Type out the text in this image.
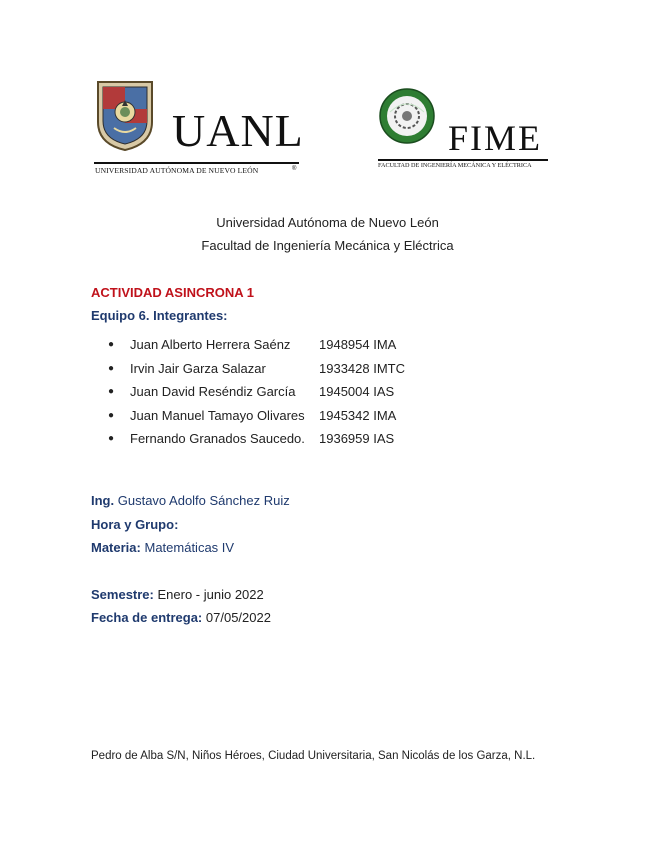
UANL
UNIVERSIDAD AUTÓNOMA DE NUEVO LEÓN	®
FIME
FACULTAD DE INGENIERÍA MECÁNICA Y ELÉCTRICA
Universidad Autónoma de Nuevo León
Facultad de Ingeniería Mecánica y Eléctrica
ACTIVIDAD ASINCRONA 1
Equipo 6. Integrantes:
●	Juan Alberto Herrera Saénz	1948954 IMA
●	Irvin Jair Garza Salazar	1933428 IMTC
●	Juan David Reséndiz García	1945004 IAS
●	Juan Manuel Tamayo Olivares	1945342 IMA
●	Fernando Granados Saucedo.	1936959 IAS
Ing. Gustavo Adolfo Sánchez Ruiz
Hora y Grupo:
Materia: Matemáticas IV
Semestre: Enero - junio 2022
Fecha de entrega: 07/05/2022
Pedro de Alba S/N, Niños Héroes, Ciudad Universitaria, San Nicolás de los Garza, N.L.
